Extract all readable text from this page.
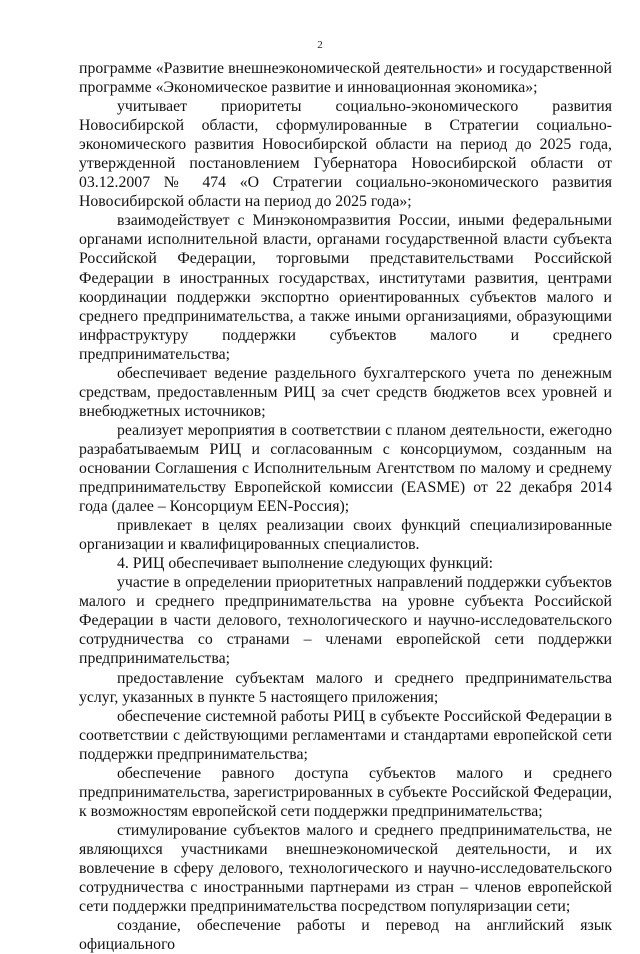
2

программе «Развитие внешнеэкономической деятельности» и государственной программе «Экономическое развитие и инновационная экономика»;

учитывает приоритеты социально-экономического развития Новосибирской области, сформулированные в Стратегии социально-экономического развития Новосибирской области на период до 2025 года, утвержденной постановлением Губернатора Новосибирской области от 03.12.2007 № 474 «О Стратегии социально-экономического развития Новосибирской области на период до 2025 года»;

взаимодействует с Минэкономразвития России, иными федеральными органами исполнительной власти, органами государственной власти субъекта Российской Федерации, торговыми представительствами Российской Федерации в иностранных государствах, институтами развития, центрами координации поддержки экспортно ориентированных субъектов малого и среднего предпринимательства, а также иными организациями, образующими инфраструктуру поддержки субъектов малого и среднего предпринимательства;

обеспечивает ведение раздельного бухгалтерского учета по денежным средствам, предоставленным РИЦ за счет средств бюджетов всех уровней и внебюджетных источников;

реализует мероприятия в соответствии с планом деятельности, ежегодно разрабатываемым РИЦ и согласованным с консорциумом, созданным на основании Соглашения с Исполнительным Агентством по малому и среднему предпринимательству Европейской комиссии (EASME) от 22 декабря 2014 года (далее – Консорциум EEN-Россия);

привлекает в целях реализации своих функций специализированные организации и квалифицированных специалистов.

4. РИЦ обеспечивает выполнение следующих функций:

участие в определении приоритетных направлений поддержки субъектов малого и среднего предпринимательства на уровне субъекта Российской Федерации в части делового, технологического и научно-исследовательского сотрудничества со странами – членами европейской сети поддержки предпринимательства;

предоставление субъектам малого и среднего предпринимательства услуг, указанных в пункте 5 настоящего приложения;

обеспечение системной работы РИЦ в субъекте Российской Федерации в соответствии с действующими регламентами и стандартами европейской сети поддержки предпринимательства;

обеспечение равного доступа субъектов малого и среднего предпринимательства, зарегистрированных в субъекте Российской Федерации, к возможностям европейской сети поддержки предпринимательства;

стимулирование субъектов малого и среднего предпринимательства, не являющихся участниками внешнеэкономической деятельности, и их вовлечение в сферу делового, технологического и научно-исследовательского сотрудничества с иностранными партнерами из стран – членов европейской сети поддержки предпринимательства посредством популяризации сети;

создание, обеспечение работы и перевод на английский язык официального
